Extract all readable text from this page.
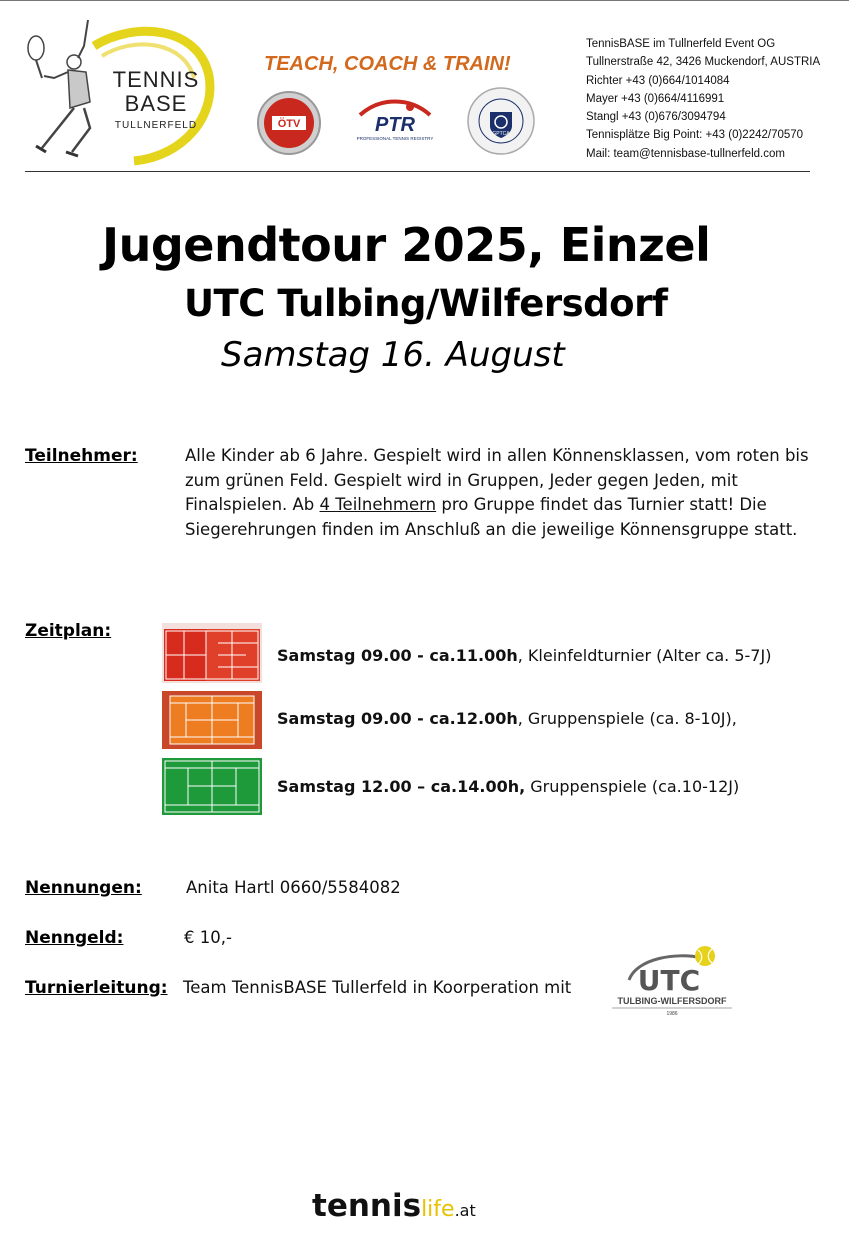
TENNIS
BASE
TULLNERFELD
TEACH, COACH & TRAIN!
ÖTV	PTR
PROFESSIONAL TENNIS REGISTRY
GPTCA
TennisBASE im Tullnerfeld Event OG
Tullnerstraße 42, 3426 Muckendorf, AUSTRIA
Richter +43 (0)664/1014084
Mayer +43 (0)664/4116991
Stangl +43 (0)676/3094794
Tennisplätze Big Point: +43 (0)2242/70570
Mail: team@tennisbase-tullnerfeld.com
Jugendtour 2025, Einzel
UTC Tulbing/Wilfersdorf
Samstag 16. August
Teilnehmer:	Alle Kinder ab 6 Jahre. Gespielt wird in allen Könnensklassen, vom roten bis zum grünen Feld. Gespielt wird in Gruppen, Jeder gegen Jeden, mit Finalspielen. Ab 4 Teilnehmern pro Gruppe findet das Turnier statt! Die Siegerehrungen finden im Anschluß an die jeweilige Könnensgruppe statt.
Zeitplan:
Samstag 09.00 - ca.11.00h, Kleinfeldturnier (Alter ca. 5-7J)
Samstag 09.00 - ca.12.00h, Gruppenspiele (ca. 8-10J),
Samstag 12.00 – ca.14.00h, Gruppenspiele (ca.10-12J)
Nennungen:	Anita Hartl 0660/5584082
Nenngeld:	€ 10,-
Turnierleitung: Team TennisBASE Tullerfeld in Koorperation mit UTC
TULBING-WILFERSDORF
1986
tennislife.at
